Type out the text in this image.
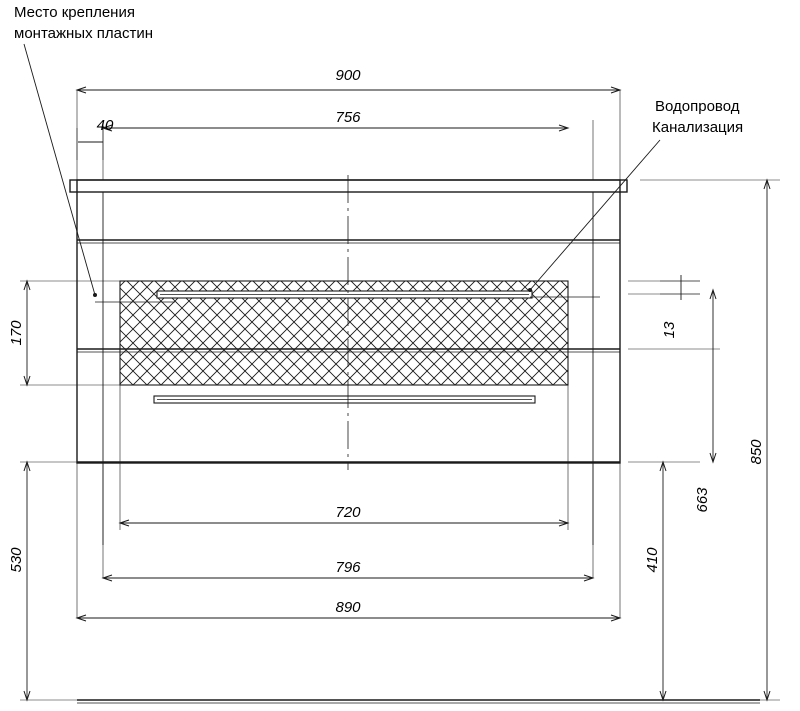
900
756
40
170
530
13
850
663
410
720
796
890
Место крепления
монтажных пластин
Водопровод
Канализация
